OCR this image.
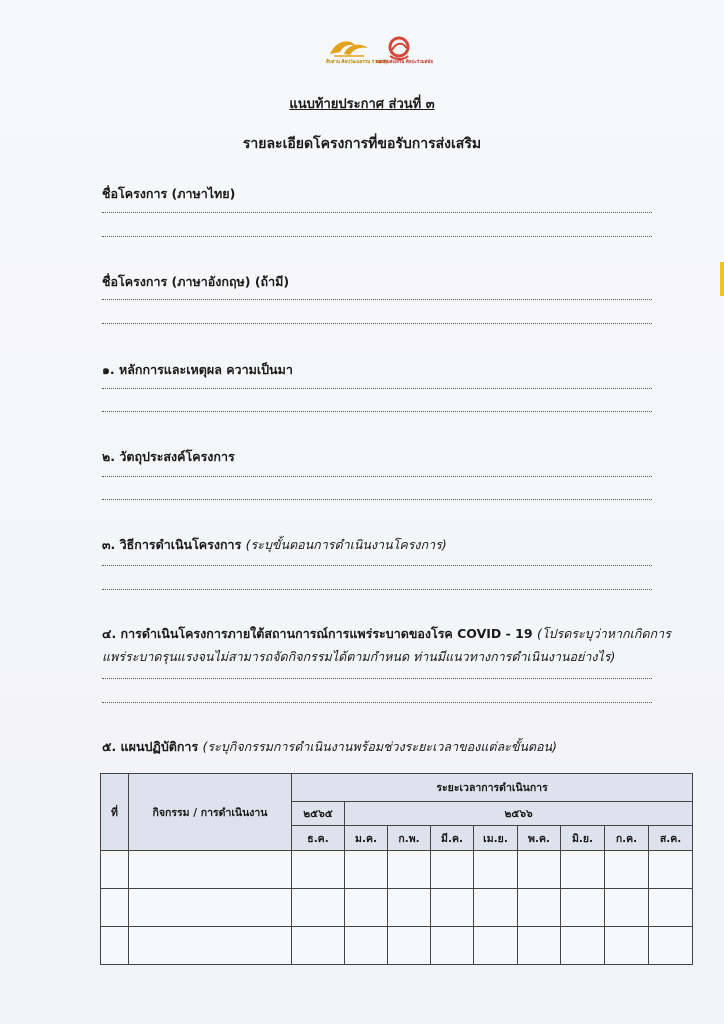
สืบสาน ศิลปวัฒนธรรม ร่วมสมัย
กองทุนส่งเสริม ศิลปะร่วมสมัย
แนบท้ายประกาศ ส่วนที่ ๓
รายละเอียดโครงการที่ขอรับการส่งเสริม
ชื่อโครงการ (ภาษาไทย)
ชื่อโครงการ (ภาษาอังกฤษ) (ถ้ามี)
๑. หลักการและเหตุผล ความเป็นมา
๒. วัตถุประสงค์โครงการ
๓. วิธีการดำเนินโครงการ (ระบุขั้นตอนการดำเนินงานโครงการ)
๔. การดำเนินโครงการภายใต้สถานการณ์การแพร่ระบาดของโรค COVID - 19 (โปรดระบุว่าหากเกิดการ
แพร่ระบาดรุนแรงจนไม่สามารถจัดกิจกรรมได้ตามกำหนด ท่านมีแนวทางการดำเนินงานอย่างไร)
๕. แผนปฏิบัติการ (ระบุกิจกรรมการดำเนินงานพร้อมช่วงระยะเวลาของแต่ละขั้นตอน)
ที่	กิจกรรม / การดำเนินงาน	ระยะเวลาการดำเนินการ								
		๒๕๖๕	๒๕๖๖							
		ธ.ค.	ม.ค.	ก.พ.	มี.ค.	เม.ย.	พ.ค.	มิ.ย.	ก.ค.	ส.ค.
